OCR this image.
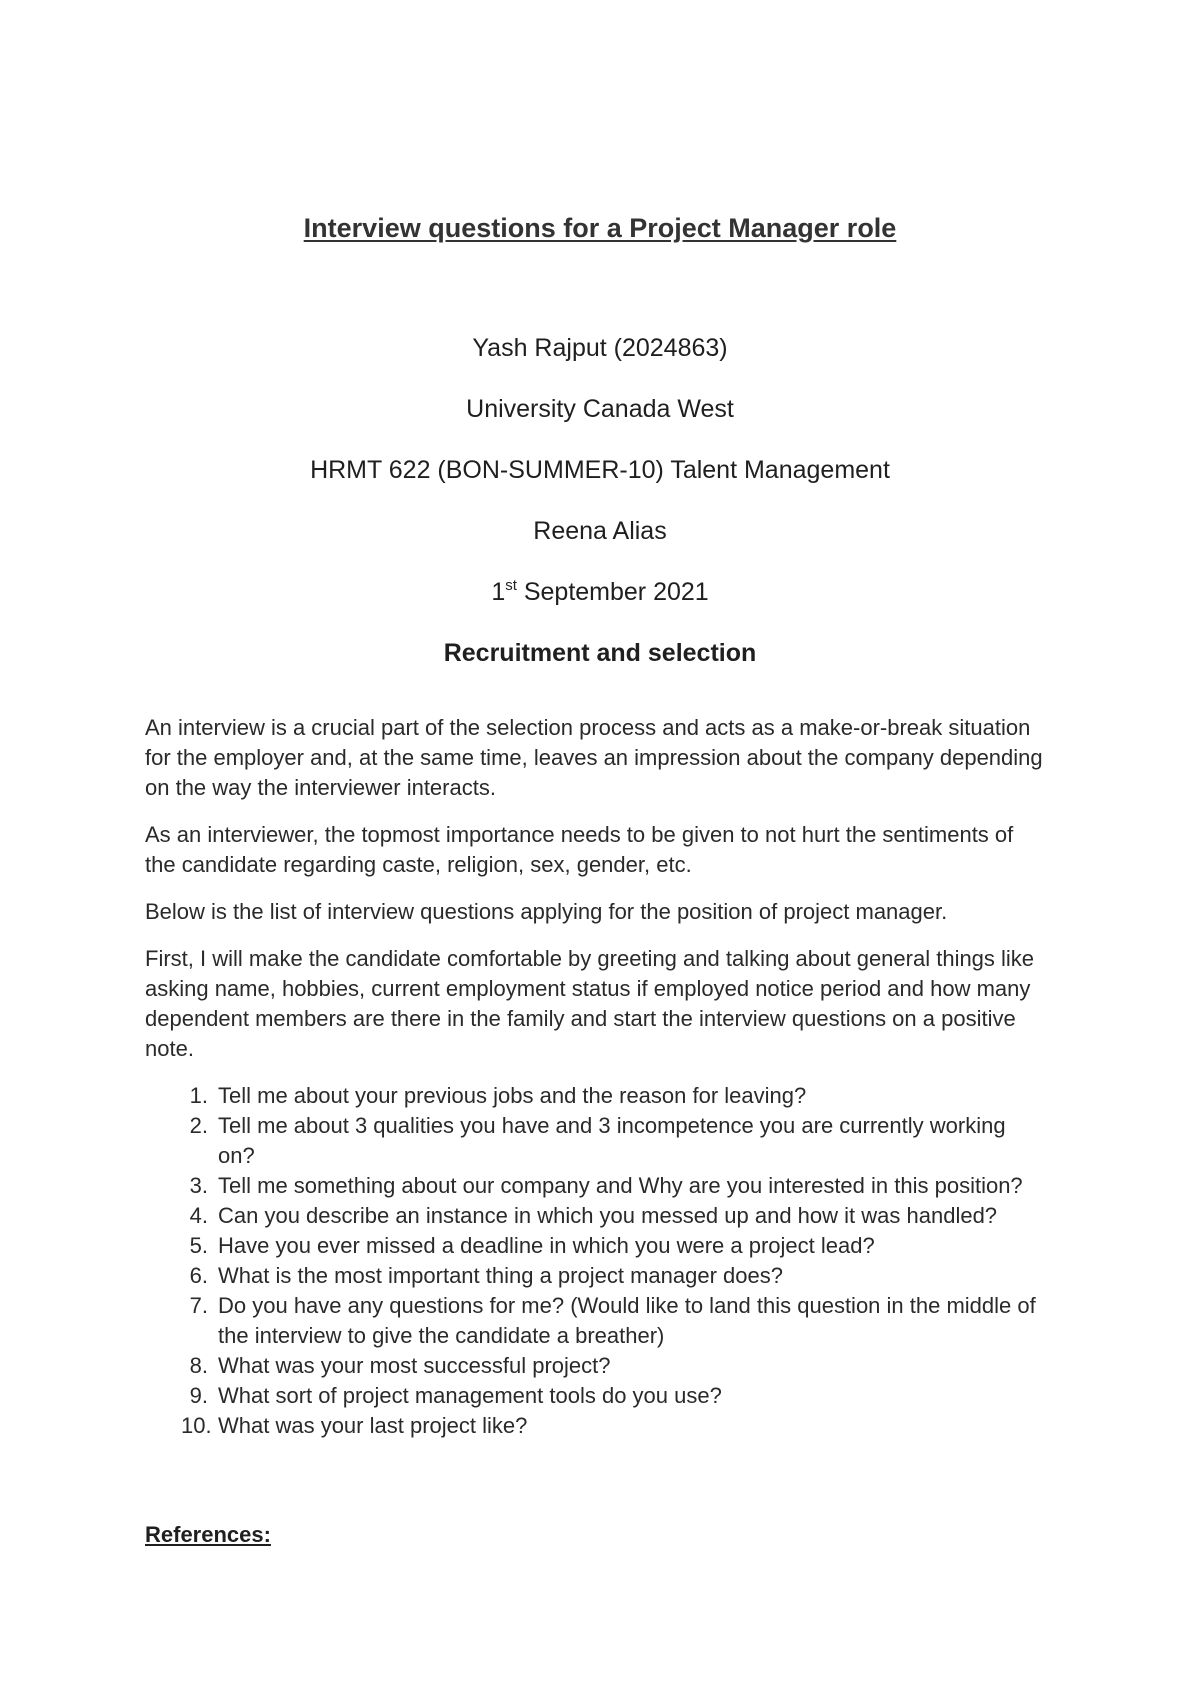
Interview questions for a Project Manager role
Yash Rajput (2024863)
University Canada West
HRMT 622 (BON-SUMMER-10) Talent Management
Reena Alias
1st September 2021
Recruitment and selection

An interview is a crucial part of the selection process and acts as a make-or-break situation for the employer and, at the same time, leaves an impression about the company depending on the way the interviewer interacts.

As an interviewer, the topmost importance needs to be given to not hurt the sentiments of the candidate regarding caste, religion, sex, gender, etc.

Below is the list of interview questions applying for the position of project manager.

First, I will make the candidate comfortable by greeting and talking about general things like asking name, hobbies, current employment status if employed notice period and how many dependent members are there in the family and start the interview questions on a positive note.

1. Tell me about your previous jobs and the reason for leaving?
2. Tell me about 3 qualities you have and 3 incompetence you are currently working on?
3. Tell me something about our company and Why are you interested in this position?
4. Can you describe an instance in which you messed up and how it was handled?
5. Have you ever missed a deadline in which you were a project lead?
6. What is the most important thing a project manager does?
7. Do you have any questions for me? (Would like to land this question in the middle of the interview to give the candidate a breather)
8. What was your most successful project?
9. What sort of project management tools do you use?
10. What was your last project like?
References:
